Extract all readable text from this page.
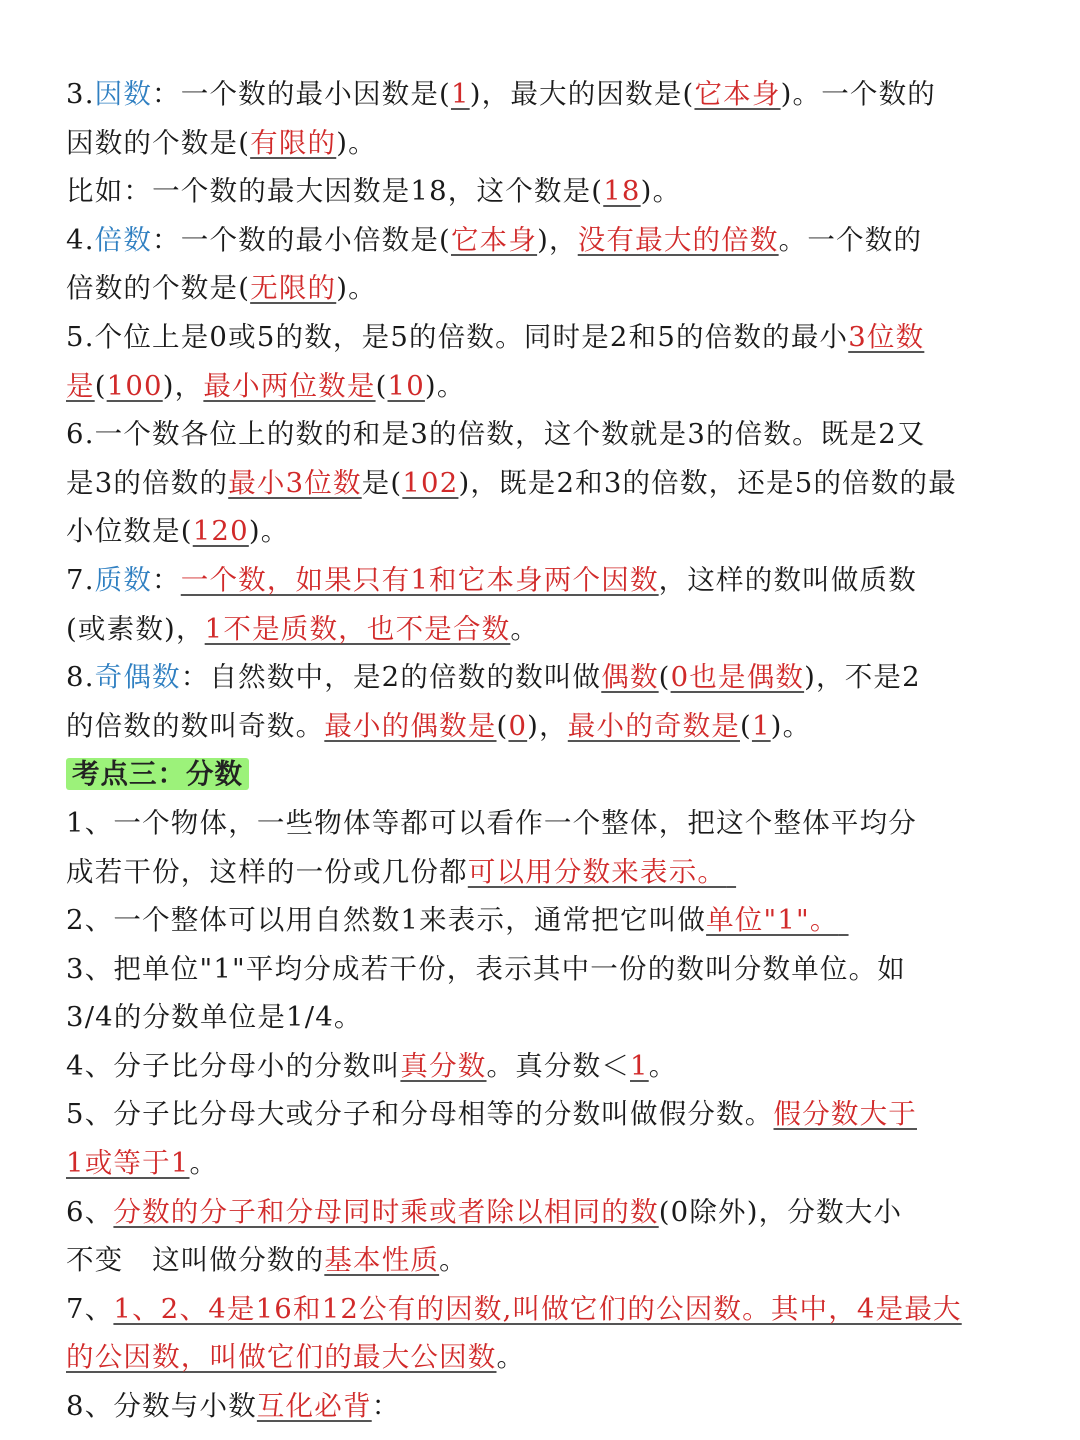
3.因数：一个数的最小因数是(1)，最大的因数是(它本身)。一个数的
因数的个数是(有限的)。
比如：一个数的最大因数是18，这个数是(18)。
4.倍数：一个数的最小倍数是(它本身)，没有最大的倍数。一个数的
倍数的个数是(无限的)。
5.个位上是0或5的数，是5的倍数。同时是2和5的倍数的最小3位数
是(100)，最小两位数是(10)。
6.一个数各位上的数的和是3的倍数，这个数就是3的倍数。既是2又
是3的倍数的最小3位数是(102)，既是2和3的倍数，还是5的倍数的最
小位数是(120)。
7.质数：一个数，如果只有1和它本身两个因数，这样的数叫做质数
(或素数)，1不是质数，也不是合数。
8.奇偶数：自然数中，是2的倍数的数叫做偶数(0也是偶数)，不是2
的倍数的数叫奇数。最小的偶数是(0)，最小的奇数是(1)。
考点三：分数
1、一个物体，一些物体等都可以看作一个整体，把这个整体平均分
成若干份，这样的一份或几份都可以用分数来表示。
2、一个整体可以用自然数1来表示，通常把它叫做单位"1"。
3、把单位"1"平均分成若干份，表示其中一份的数叫分数单位。如
3/4的分数单位是1/4。
4、分子比分母小的分数叫真分数。真分数＜1。
5、分子比分母大或分子和分母相等的分数叫做假分数。假分数大于
1或等于1。
6、分数的分子和分母同时乘或者除以相同的数(0除外)，分数大小
不变　这叫做分数的基本性质。
7、1、2、4是16和12公有的因数,叫做它们的公因数。其中，4是最大
的公因数，叫做它们的最大公因数。
8、分数与小数互化必背：
